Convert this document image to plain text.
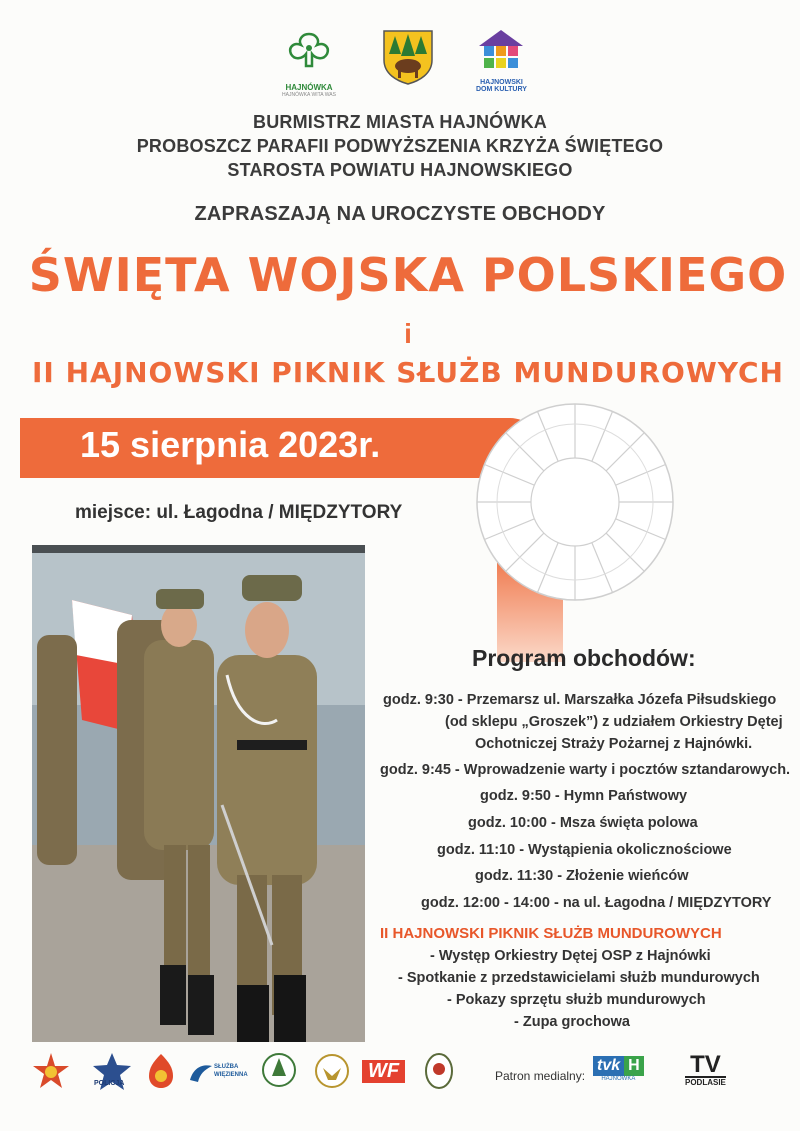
HAJNÓWKA
HAJNÓWKA WITA WAS
HAJNOWSKI
DOM KULTURY
BURMISTRZ MIASTA HAJNÓWKA
PROBOSZCZ PARAFII PODWYŻSZENIA KRZYŻA ŚWIĘTEGO
STAROSTA POWIATU HAJNOWSKIEGO
ZAPRASZAJĄ NA UROCZYSTE OBCHODY
ŚWIĘTA WOJSKA POLSKIEGO
i
II HAJNOWSKI PIKNIK SŁUŻB MUNDUROWYCH
15 sierpnia 2023r.
miejsce: ul. Łagodna / MIĘDZYTORY
Program obchodów:
godz. 9:30 - Przemarsz ul. Marszałka Józefa Piłsudskiego
(od sklepu „Groszek”) z udziałem Orkiestry Dętej
Ochotniczej Straży Pożarnej z Hajnówki.
godz. 9:45 - Wprowadzenie warty i pocztów sztandarowych.
godz. 9:50 - Hymn Państwowy
godz. 10:00 - Msza święta polowa
godz. 11:10 - Wystąpienia okolicznościowe
godz. 11:30 - Złożenie wieńców
godz. 12:00 - 14:00 - na ul. Łagodna / MIĘDZYTORY
II HAJNOWSKI PIKNIK SŁUŻB MUNDUROWYCH
- Występ Orkiestry Dętej OSP z Hajnówki
- Spotkanie z przedstawicielami służb mundurowych
- Pokazy sprzętu służb mundurowych
- Zupa grochowa
POLICJA
SŁUŻBA
WIĘZIENNA	WF	Patron medialny:
tvk H
HAJNÓWKA
TV
PODLASIE
